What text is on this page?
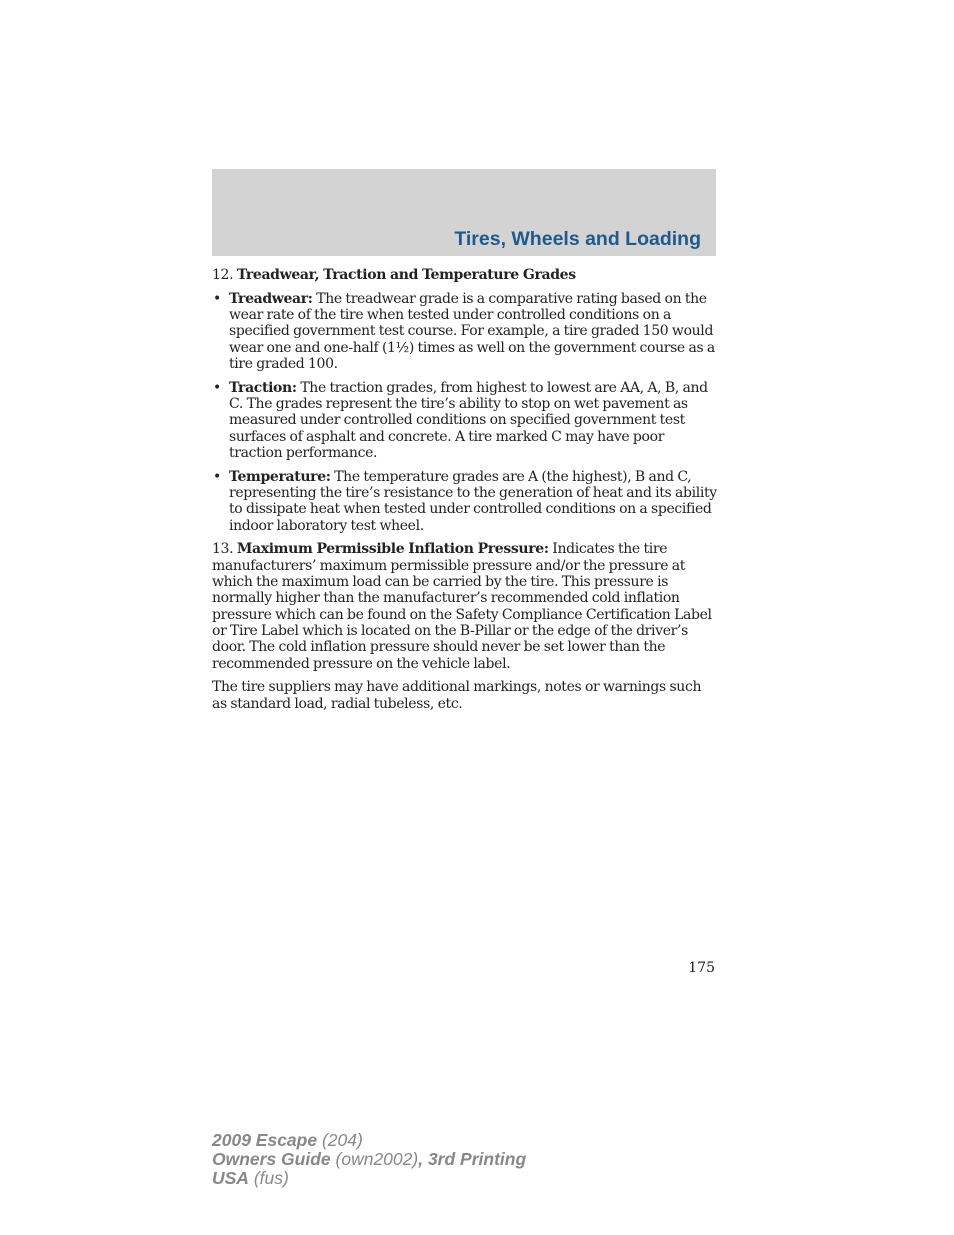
Tires, Wheels and Loading

12. Treadwear, Traction and Temperature Grades

• Treadwear: The treadwear grade is a comparative rating based on the wear rate of the tire when tested under controlled conditions on a specified government test course. For example, a tire graded 150 would wear one and one-half (1½) times as well on the government course as a tire graded 100.
• Traction: The traction grades, from highest to lowest are AA, A, B, and C. The grades represent the tire’s ability to stop on wet pavement as measured under controlled conditions on specified government test surfaces of asphalt and concrete. A tire marked C may have poor traction performance.
• Temperature: The temperature grades are A (the highest), B and C, representing the tire’s resistance to the generation of heat and its ability to dissipate heat when tested under controlled conditions on a specified indoor laboratory test wheel.

13. Maximum Permissible Inflation Pressure: Indicates the tire manufacturers’ maximum permissible pressure and/or the pressure at which the maximum load can be carried by the tire. This pressure is normally higher than the manufacturer’s recommended cold inflation pressure which can be found on the Safety Compliance Certification Label or Tire Label which is located on the B-Pillar or the edge of the driver’s door. The cold inflation pressure should never be set lower than the recommended pressure on the vehicle label.

The tire suppliers may have additional markings, notes or warnings such as standard load, radial tubeless, etc.

175
2009 Escape (204)
Owners Guide (own2002), 3rd Printing
USA (fus)
